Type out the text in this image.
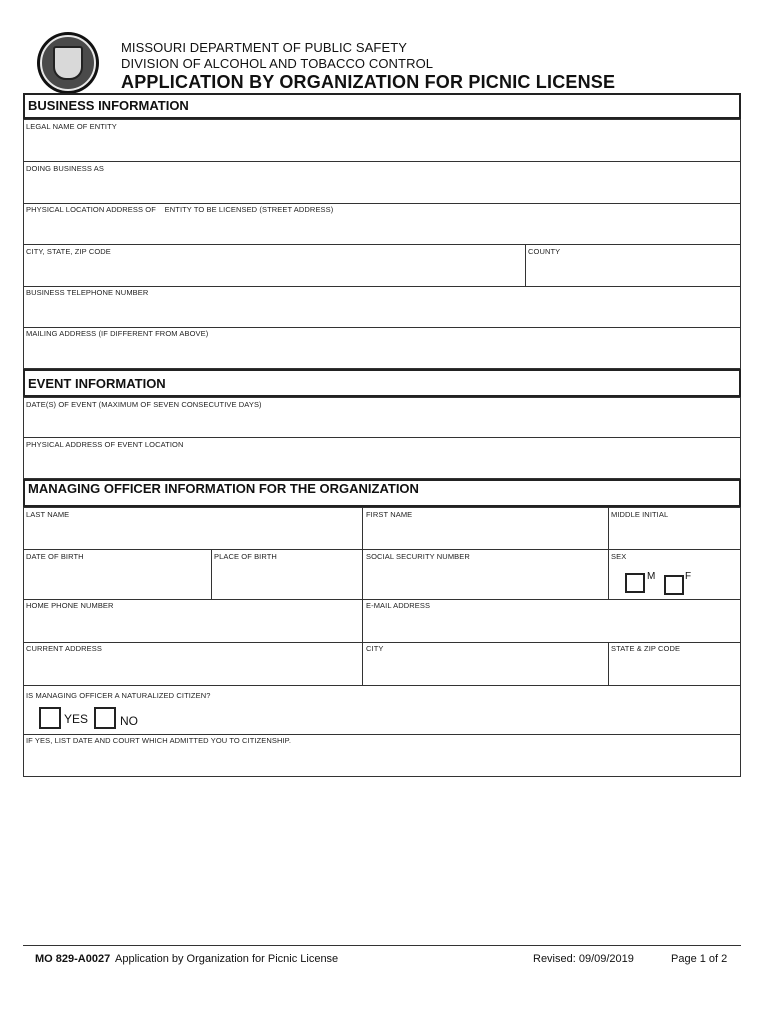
MISSOURI DEPARTMENT OF PUBLIC SAFETY
DIVISION OF ALCOHOL AND TOBACCO CONTROL
APPLICATION BY ORGANIZATION FOR PICNIC LICENSE
BUSINESS INFORMATION
LEGAL NAME OF ENTITY
DOING BUSINESS AS
PHYSICAL LOCATION ADDRESS OF    ENTITY TO BE LICENSED (STREET ADDRESS)
CITY, STATE, ZIP CODE	COUNTY
BUSINESS TELEPHONE NUMBER
MAILING ADDRESS (IF DIFFERENT FROM ABOVE)
EVENT INFORMATION
DATE(S) OF EVENT (MAXIMUM OF SEVEN CONSECUTIVE DAYS)
PHYSICAL ADDRESS OF EVENT LOCATION
MANAGING OFFICER INFORMATION FOR THE ORGANIZATION
LAST NAME	FIRST NAME	MIDDLE INITIAL
DATE OF BIRTH	PLACE OF BIRTH	SOCIAL SECURITY NUMBER	SEX
M	F
HOME PHONE NUMBER	E-MAIL ADDRESS
CURRENT ADDRESS	CITY	STATE & ZIP CODE
IS MANAGING OFFICER A NATURALIZED CITIZEN?
YES	NO
IF YES, LIST DATE AND COURT WHICH ADMITTED YOU TO CITIZENSHIP.
MO 829-A0027 Application by Organization for Picnic License	Revised: 09/09/2019	Page 1 of 2
